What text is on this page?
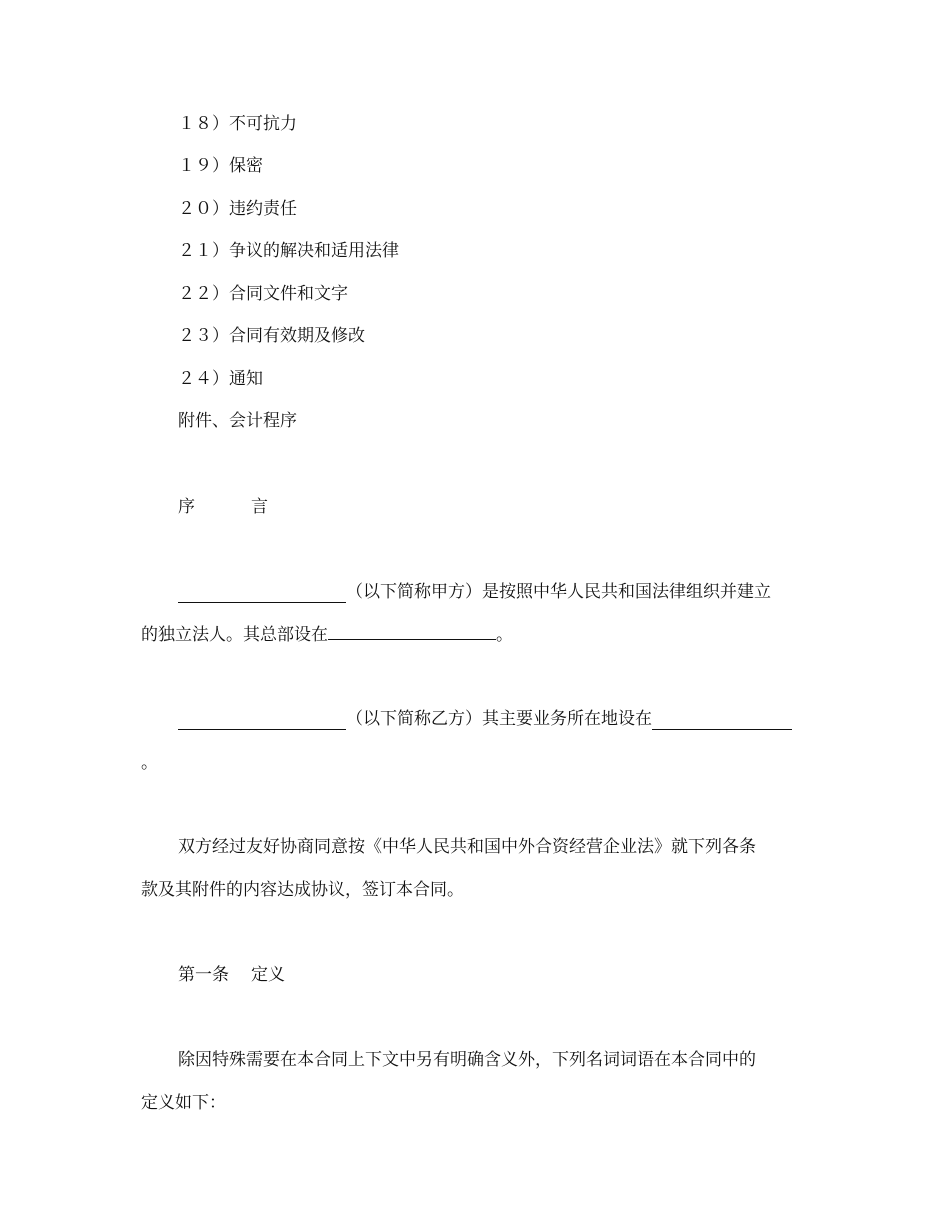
１８）不可抗力
１９）保密
２０）违约责任
２１）争议的解决和适用法律
２２）合同文件和文字
２３）合同有效期及修改
２４）通知
附件、会计程序
序	言
（以下简称甲方）是按照中华人民共和国法律组织并建立
的独立法人。其总部设在	。
（以下简称乙方）其主要业务所在地设在
。
双方经过友好协商同意按《中华人民共和国中外合资经营企业法》就下列各条
款及其附件的内容达成协议，签订本合同。
第一条 定义
除因特殊需要在本合同上下文中另有明确含义外，下列名词词语在本合同中的
定义如下：
